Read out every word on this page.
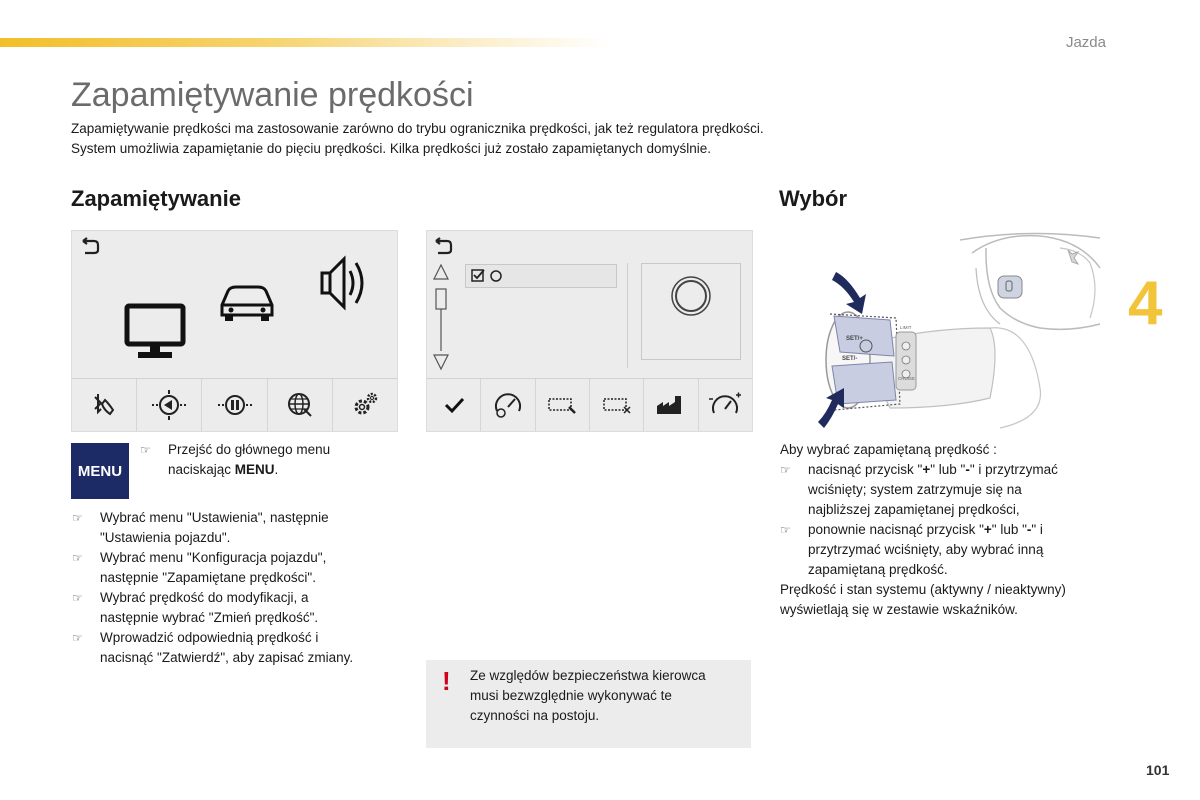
Jazda
Zapamiętywanie prędkości

Zapamiętywanie prędkości ma zastosowanie zarówno do trybu ogranicznika prędkości, jak też regulatora prędkości.

System umożliwia zapamiętanie do pięciu prędkości. Kilka prędkości już zostało zapamiętanych domyślnie.

Zapamiętywanie	Wybór
SET/+
SET/-
LIMIT
CRUISE
4
MENU
☞ Przejść do głównego menu
naciskając MENU.
☞ Wybrać menu "Ustawienia", następnie
"Ustawienia pojazdu".
☞ Wybrać menu "Konfiguracja pojazdu",
następnie "Zapamiętane prędkości".
☞ Wybrać prędkość do modyfikacji, a
następnie wybrać "Zmień prędkość".
☞ Wprowadzić odpowiednią prędkość i
nacisnąć "Zatwierdź", aby zapisać zmiany.
Aby wybrać zapamiętaną prędkość :
☞ nacisnąć przycisk "+" lub "-" i przytrzymać
wciśnięty; system zatrzymuje się na
najbliższej zapamiętanej prędkości,
☞ ponownie nacisnąć przycisk "+" lub "-" i
przytrzymać wciśnięty, aby wybrać inną
zapamiętaną prędkość.
Prędkość i stan systemu (aktywny / nieaktywny)
wyświetlają się w zestawie wskaźników.
! Ze względów bezpieczeństwa kierowca
musi bezwzględnie wykonywać te
czynności na postoju.
101
